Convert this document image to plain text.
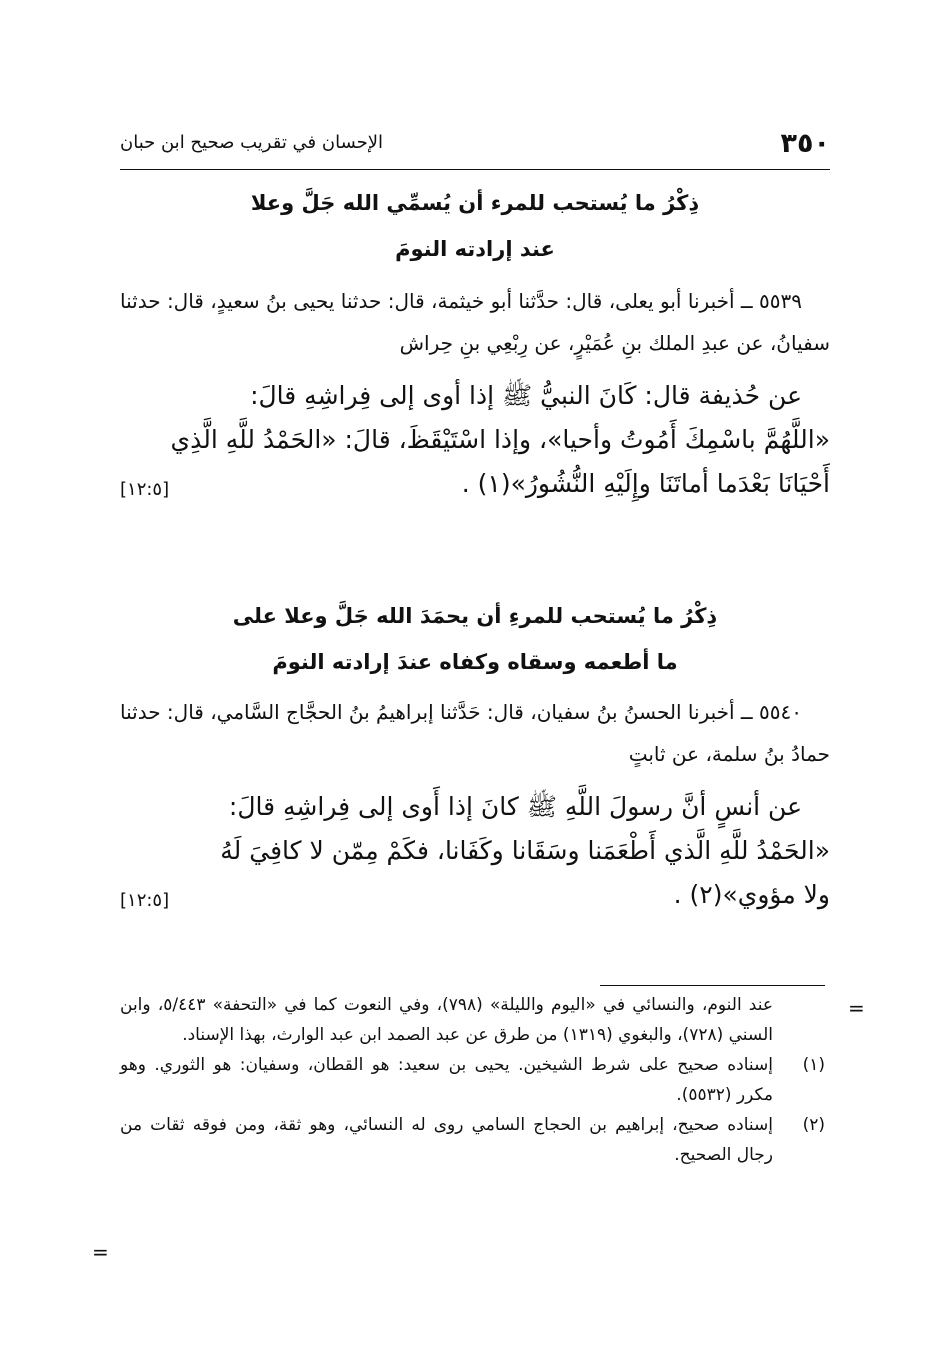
٣٥٠
الإحسان في تقريب صحيح ابن حبان
ذِكْرُ ما يُستحب للمرء أن يُسمِّي الله جَلَّ وعلا
عند إرادته النومَ
٥٥٣٩ ــ أخبرنا أبو يعلى، قال: حدَّثنا أبو خيثمة، قال: حدثنا يحيى بنُ سعيدٍ، قال: حدثنا سفيانُ، عن عبدِ الملك بنِ عُمَيْرٍ، عن رِبْعِي بنِ حِراش
عن حُذيفة قال: كَانَ النبيُّ ﷺ إذا أوى إلى فِراشِهِ قالَ:
«اللَّهُمَّ باسْمِكَ أَمُوتُ وأحيا»، وإذا اسْتَيْقَظَ، قالَ: «الحَمْدُ للَّهِ الَّذِي
أَحْيَانَا بَعْدَما أماتَنَا وإِلَيْهِ النُّشُورُ»(١) .
[١٢:٥]
ذِكْرُ ما يُستحب للمرءِ أن يحمَدَ الله جَلَّ وعلا على
ما أطعمه وسقاه وكفاه عندَ إرادته النومَ
٥٥٤٠ ــ أخبرنا الحسنُ بنُ سفيان، قال: حَدَّثنا إبراهيمُ بنُ الحجَّاج السَّامي، قال: حدثنا حمادُ بنُ سلمة، عن ثابتٍ
عن أنسٍ أنَّ رسولَ اللَّهِ ﷺ كانَ إذا أَوى إلى فِراشِهِ قالَ:
«الحَمْدُ للَّهِ الَّذي أَطْعَمَنا وسَقَانا وكَفَانا، فكَمْ مِمّن لا كافِيَ لَهُ
ولا مؤوي»(٢) .
[١٢:٥]
=
عند النوم، والنسائي في «اليوم والليلة» (٧٩٨)، وفي النعوت كما في «التحفة» ٥/٤٤٣، وابن السني (٧٢٨)، والبغوي (١٣١٩) من طرق عن عبد الصمد ابن عبد الوارث، بهذا الإسناد.
(١)
إسناده صحيح على شرط الشيخين. يحيى بن سعيد: هو القطان، وسفيان: هو الثوري. وهو مكرر (٥٥٣٢).
(٢)
إسناده صحيح، إبراهيم بن الحجاج السامي روى له النسائي، وهو ثقة، ومن فوقه ثقات من رجال الصحيح.
=
